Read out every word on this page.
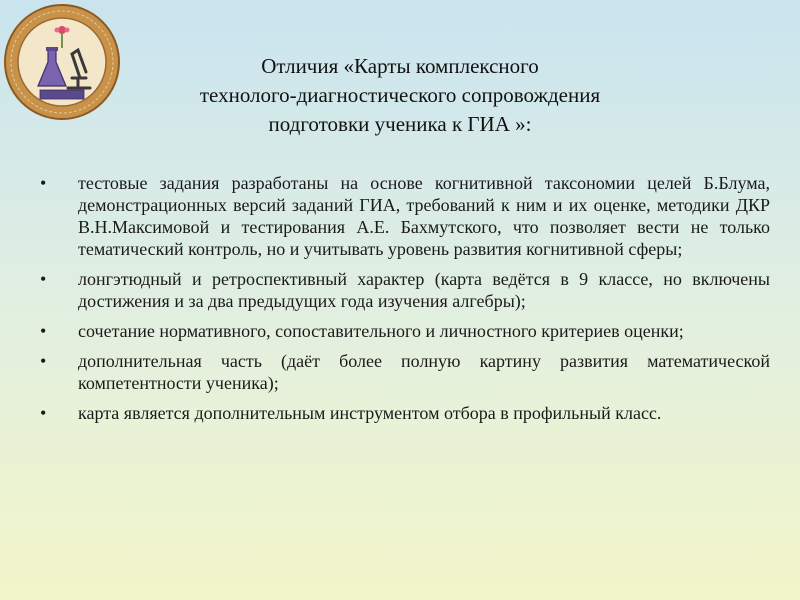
Отличия «Карты комплексного
технолого-диагностического сопровождения
подготовки ученика к ГИА »:
• тестовые задания разработаны на основе когнитивной таксономии целей Б.Блума, демонстрационных версий заданий ГИА, требований к ним и их оценке, методики ДКР В.Н.Максимовой и тестирования А.Е. Бахмутского, что позволяет вести не только тематический контроль, но и учитывать уровень развития когнитивной сферы;
• лонгэтюдный и ретроспективный характер (карта ведётся в 9 классе, но включены достижения и за два предыдущих года изучения алгебры);
• сочетание нормативного, сопоставительного и личностного критериев оценки;
• дополнительная часть (даёт более полную картину развития математической компетентности ученика);
• карта является дополнительным инструментом отбора в профильный класс.
